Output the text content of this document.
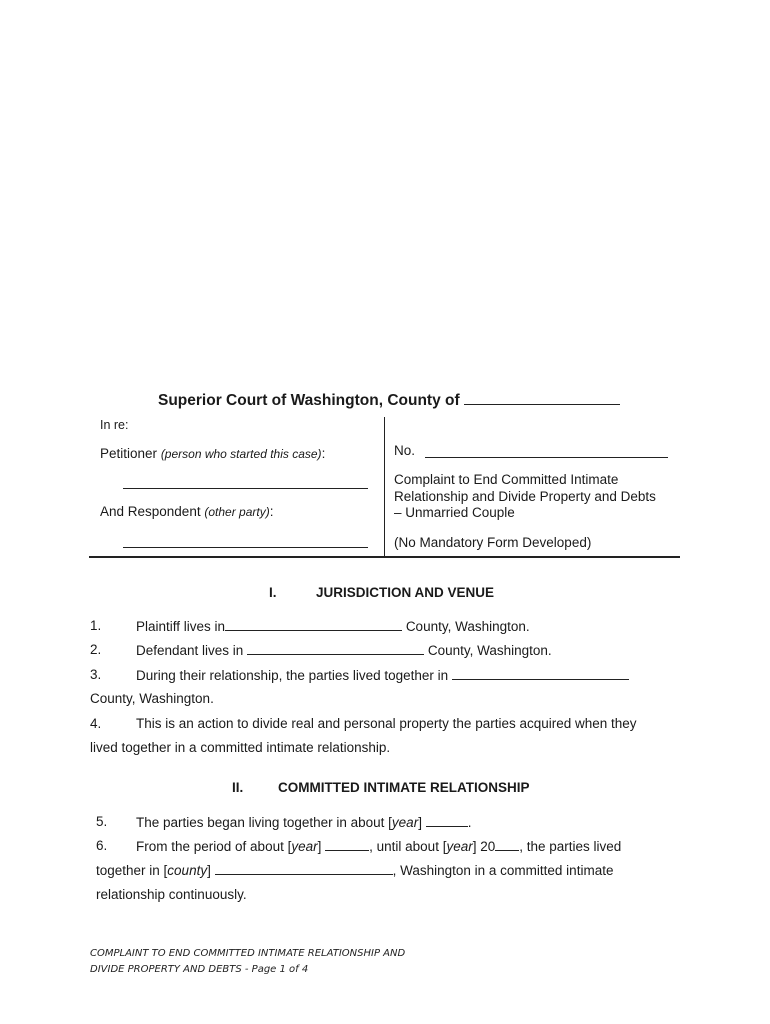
Superior Court of Washington, County of
In re:
Petitioner (person who started this case):
And Respondent (other party):
No.
Complaint to End Committed Intimate
Relationship and Divide Property and Debts
– Unmarried Couple
(No Mandatory Form Developed)
I.	JURISDICTION AND VENUE
1.	Plaintiff lives in	County, Washington.
2.	Defendant lives in	County, Washington.
3.	During their relationship, the parties lived together in
County, Washington.
4.	This is an action to divide real and personal property the parties acquired when they
lived together in a committed intimate relationship.
II.	COMMITTED INTIMATE RELATIONSHIP
5. The parties began living together in about [year]	.
6. From the period of about [year]	, until about [year] 20 , the parties lived
together in [county]	, Washington in a committed intimate
relationship continuously.
COMPLAINT TO END COMMITTED INTIMATE RELATIONSHIP AND
DIVIDE PROPERTY AND DEBTS - Page 1 of 4
